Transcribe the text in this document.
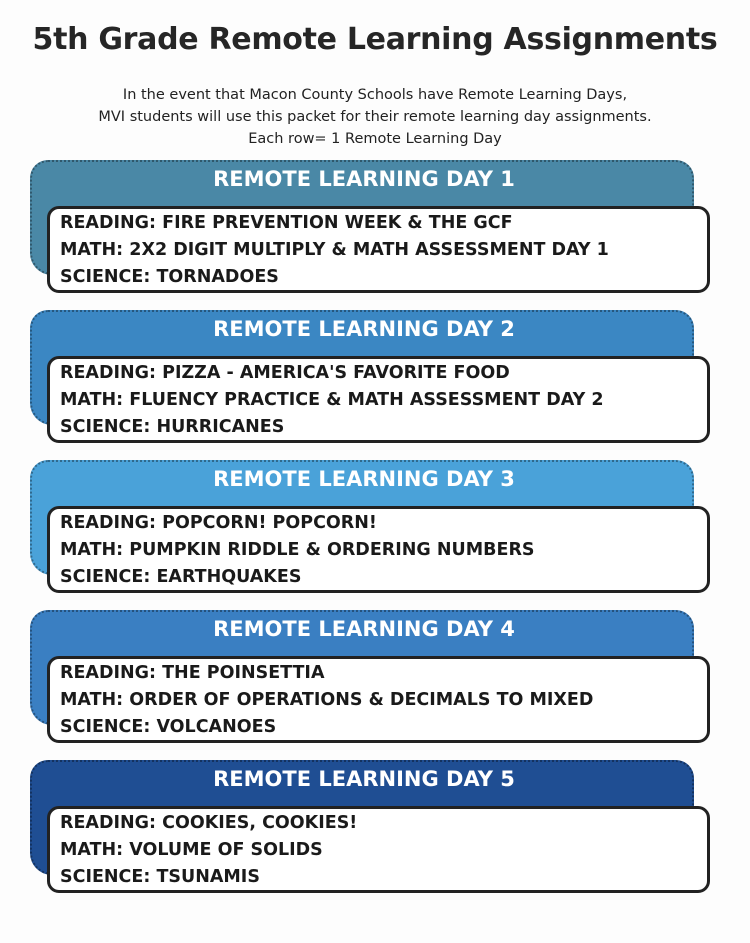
5th Grade Remote Learning Assignments
In the event that Macon County Schools have Remote Learning Days,
MVI students will use this packet for their remote learning day assignments.
Each row= 1 Remote Learning Day
REMOTE LEARNING DAY 1
READING: FIRE PREVENTION WEEK & THE GCF
MATH: 2X2 DIGIT MULTIPLY & MATH ASSESSMENT DAY 1
SCIENCE: TORNADOES
REMOTE LEARNING DAY 2
READING: PIZZA - AMERICA'S FAVORITE FOOD
MATH: FLUENCY PRACTICE & MATH ASSESSMENT DAY 2
SCIENCE: HURRICANES
REMOTE LEARNING DAY 3
READING: POPCORN! POPCORN!
MATH: PUMPKIN RIDDLE & ORDERING NUMBERS
SCIENCE: EARTHQUAKES
REMOTE LEARNING DAY 4
READING: THE POINSETTIA
MATH: ORDER OF OPERATIONS & DECIMALS TO MIXED
SCIENCE: VOLCANOES
REMOTE LEARNING DAY 5
READING: COOKIES, COOKIES!
MATH: VOLUME OF SOLIDS
SCIENCE: TSUNAMIS
